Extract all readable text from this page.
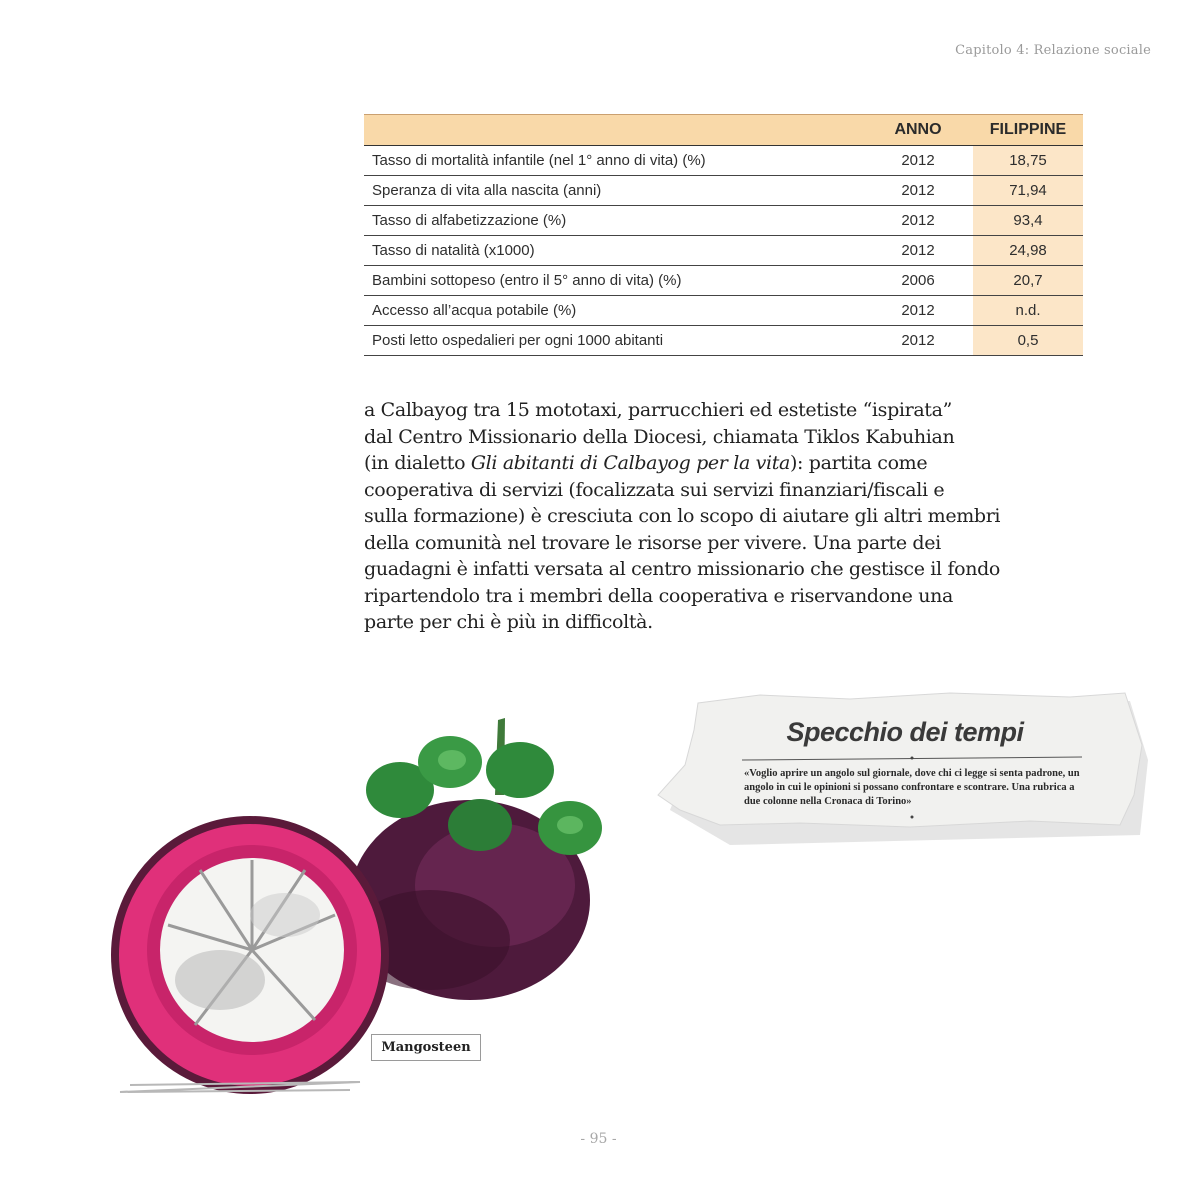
Capitolo 4: Relazione sociale
	ANNO	FILIPPINE
Tasso di mortalità infantile (nel 1° anno di vita) (%)	2012	18,75
Speranza di vita alla nascita (anni)	2012	71,94
Tasso di alfabetizzazione (%)	2012	93,4
Tasso di natalità (x1000)	2012	24,98
Bambini sottopeso (entro il 5° anno di vita) (%)	2006	20,7
Accesso all’acqua potabile (%)	2012	n.d.
Posti letto ospedalieri per ogni 1000 abitanti	2012	0,5

a Calbayog tra 15 mototaxi, parrucchieri ed estetiste “ispirata”
dal Centro Missionario della Diocesi, chiamata Tiklos Kabuhian
(in dialetto Gli abitanti di Calbayog per la vita): partita come
cooperativa di servizi (focalizzata sui servizi finanziari/fiscali e
sulla formazione) è cresciuta con lo scopo di aiutare gli altri membri
della comunità nel trovare le risorse per vivere. Una parte dei
guadagni è infatti versata al centro missionario che gestisce il fondo
ripartendolo tra i membri della cooperativa e riservandone una
parte per chi è più in difficoltà.

Mangosteen
Specchio dei tempi
«Voglio aprire un angolo sul giornale, dove chi ci legge si senta padrone, un angolo in cui le opinioni si possano confrontare e scontrare. Una rubrica a due colonne nella Cronaca di Torino»
- 95 -
